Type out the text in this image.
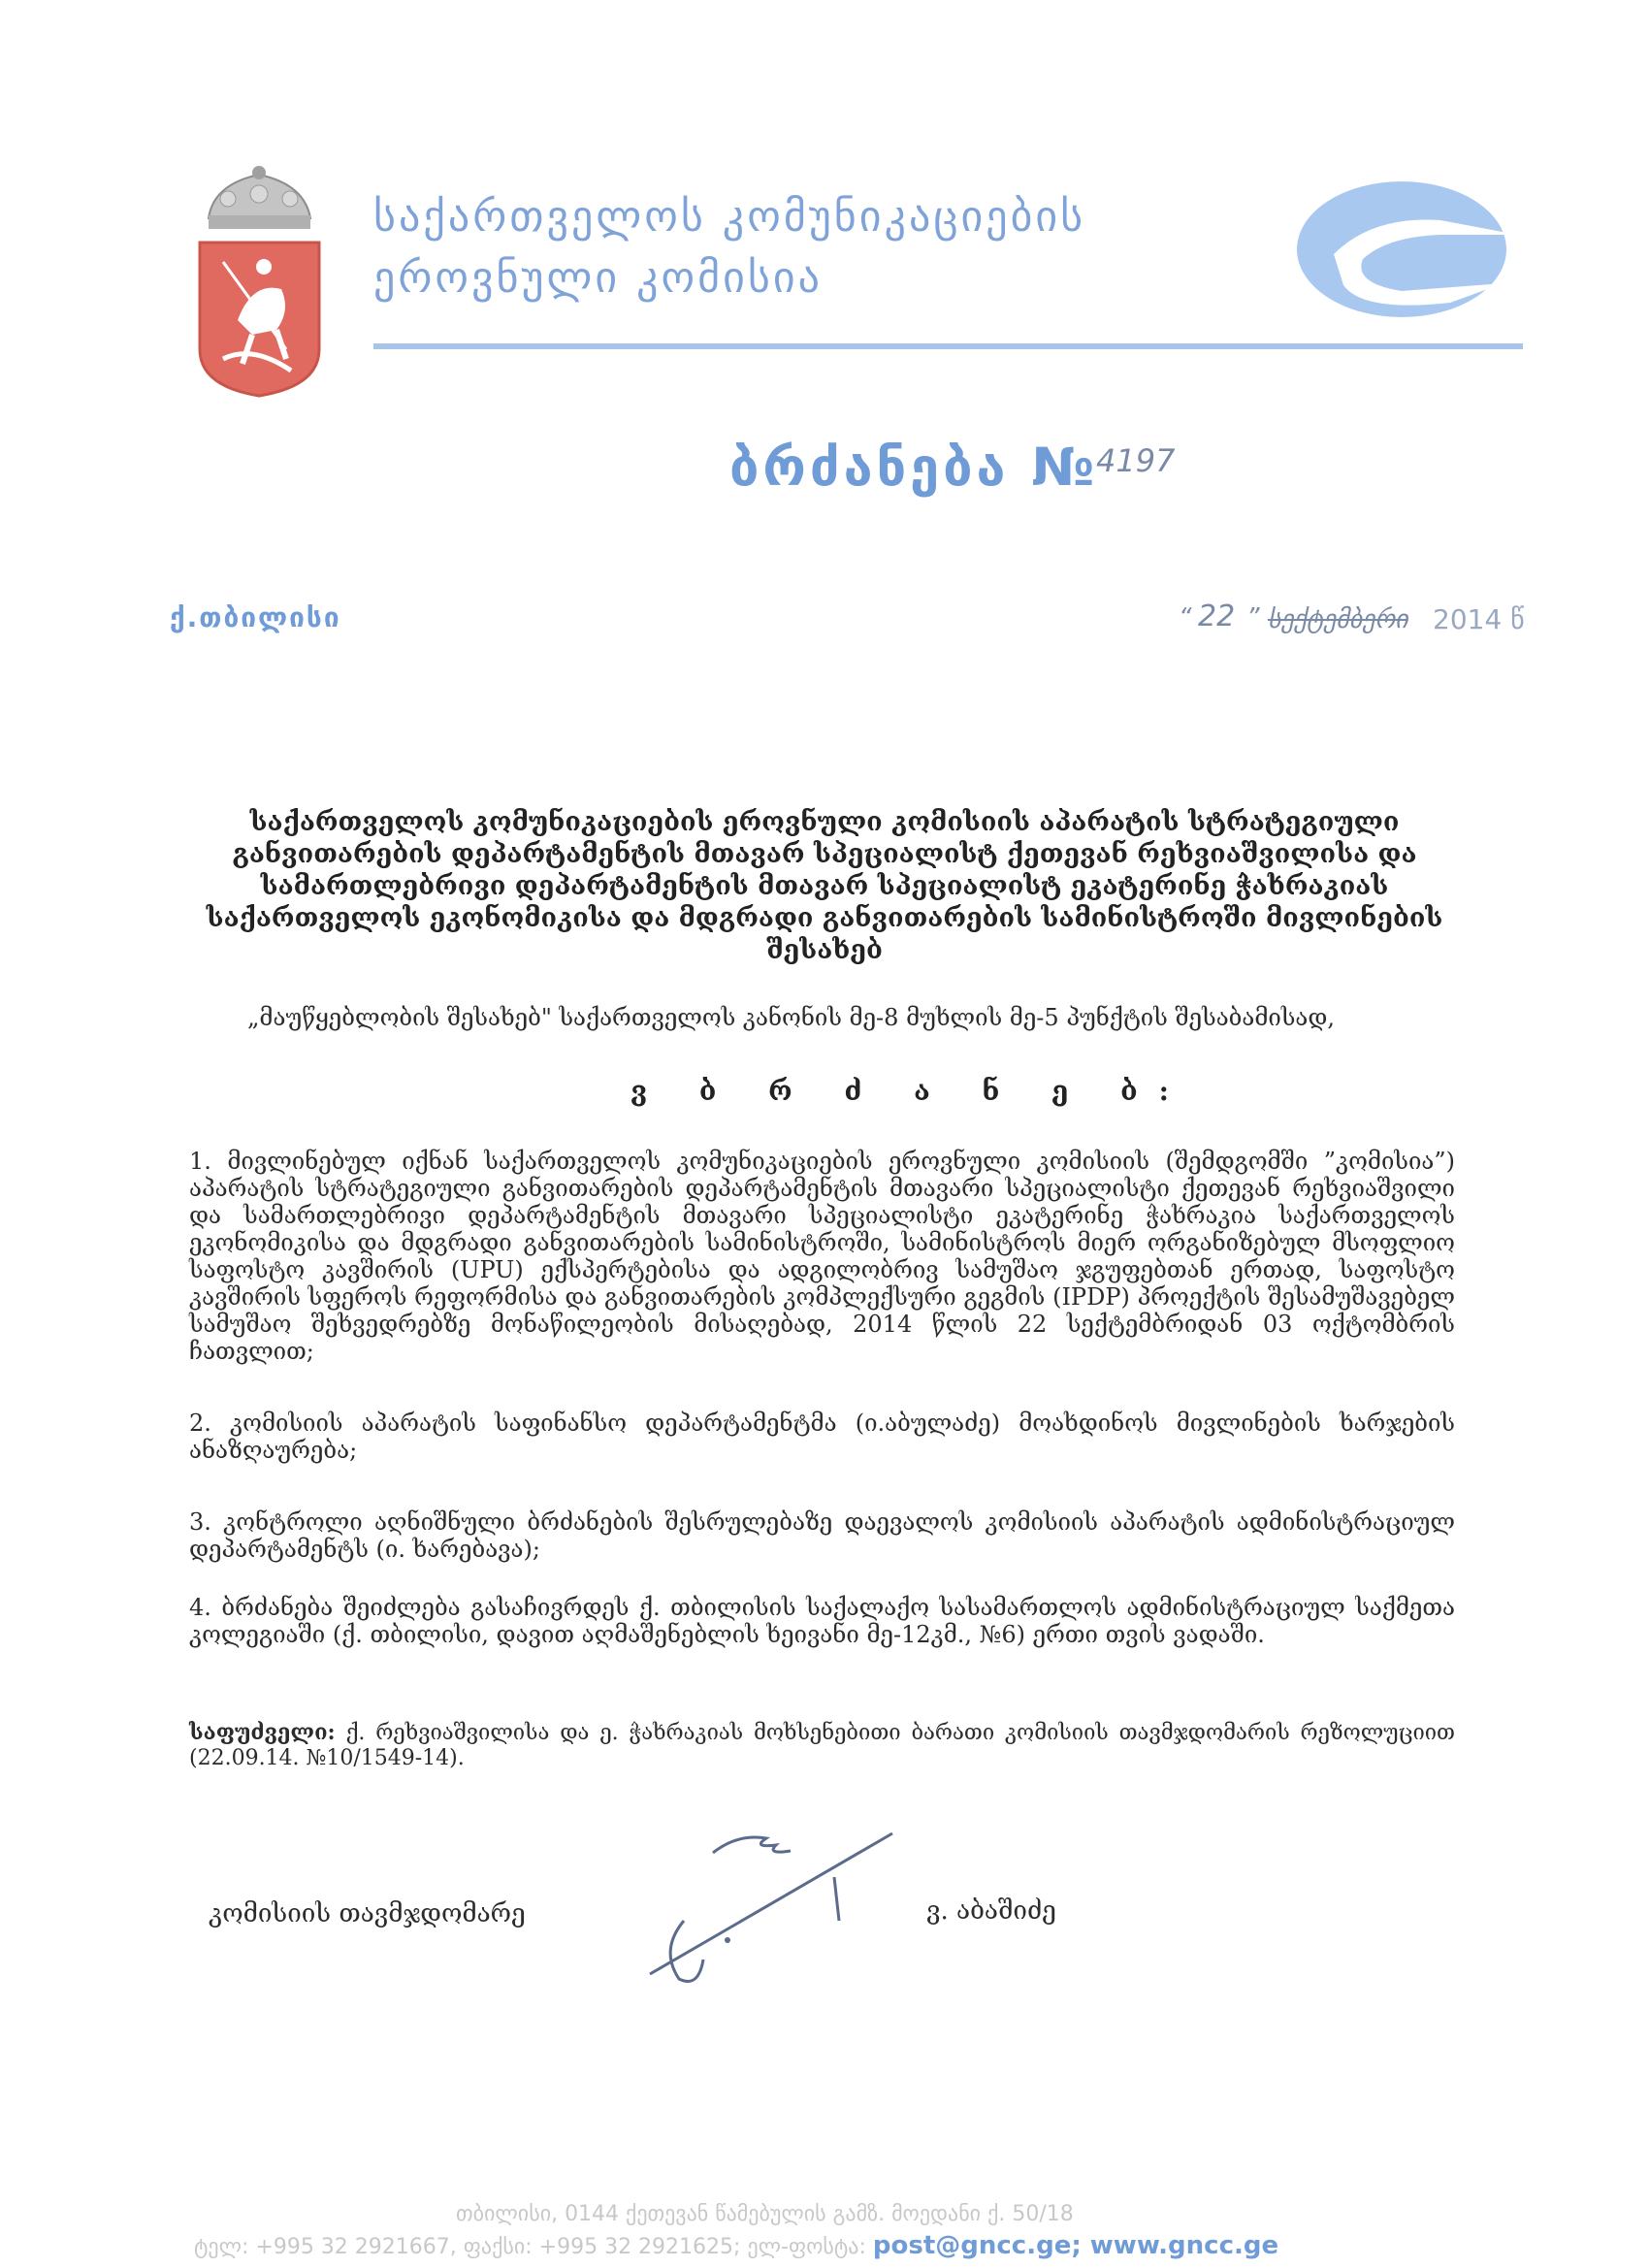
საქართველოს კომუნიკაციების
ეროვნული კომისია
ბრძანება №
4197
ქ.თბილისი	“ 22 ” სექტემბერი 2014 წ
საქართველოს კომუნიკაციების ეროვნული კომისიის აპარატის სტრატეგიული
განვითარების დეპარტამენტის მთავარ სპეციალისტ ქეთევან რეხვიაშვილისა და
სამართლებრივი დეპარტამენტის მთავარ სპეციალისტ ეკატერინე ჭახრაკიას
საქართველოს ეკონომიკისა და მდგრადი განვითარების სამინისტროში მივლინების
შესახებ
„მაუწყებლობის შესახებ" საქართველოს კანონის მე-8 მუხლის მე-5 პუნქტის შესაბამისად,
ვ ბ რ ძ ა ნ ე ბ:
1. მივლინებულ იქნან საქართველოს კომუნიკაციების ეროვნული კომისიის (შემდგომში ”კომისია”) აპარატის სტრატეგიული განვითარების დეპარტამენტის მთავარი სპეციალისტი ქეთევან რეხვიაშვილი და სამართლებრივი დეპარტამენტის მთავარი სპეციალისტი ეკატერინე ჭახრაკია საქართველოს ეკონომიკისა და მდგრადი განვითარების სამინისტროში, სამინისტროს მიერ ორგანიზებულ მსოფლიო საფოსტო კავშირის (UPU) ექსპერტებისა და ადგილობრივ სამუშაო ჯგუფებთან ერთად, საფოსტო კავშირის სფეროს რეფორმისა და განვითარების კომპლექსური გეგმის (IPDP) პროექტის შესამუშავებელ სამუშაო შეხვედრებზე მონაწილეობის მისაღებად, 2014 წლის 22 სექტემბრიდან 03 ოქტომბრის ჩათვლით;
2. კომისიის აპარატის საფინანსო დეპარტამენტმა (ი.აბულაძე) მოახდინოს მივლინების ხარჯების ანაზღაურება;
3. კონტროლი აღნიშნული ბრძანების შესრულებაზე დაევალოს კომისიის აპარატის ადმინისტრაციულ დეპარტამენტს (ი. ხარებავა);
4. ბრძანება შეიძლება გასაჩივრდეს ქ. თბილისის საქალაქო სასამართლოს ადმინისტრაციულ საქმეთა კოლეგიაში (ქ. თბილისი, დავით აღმაშენებლის ხეივანი მე-12კმ., №6) ერთი თვის ვადაში.
საფუძველი: ქ. რეხვიაშვილისა და ე. ჭახრაკიას მოხსენებითი ბარათი კომისიის თავმჯდომარის რეზოლუციით (22.09.14. №10/1549-14).
კომისიის თავმჯდომარე	ვ. აბაშიძე
თბილისი, 0144 ქეთევან წამებულის გამზ. მოედანი ქ. 50/18
ტელ: +995 32 2921667, ფაქსი: +995 32 2921625; ელ-ფოსტა: post@gncc.ge; www.gncc.ge
